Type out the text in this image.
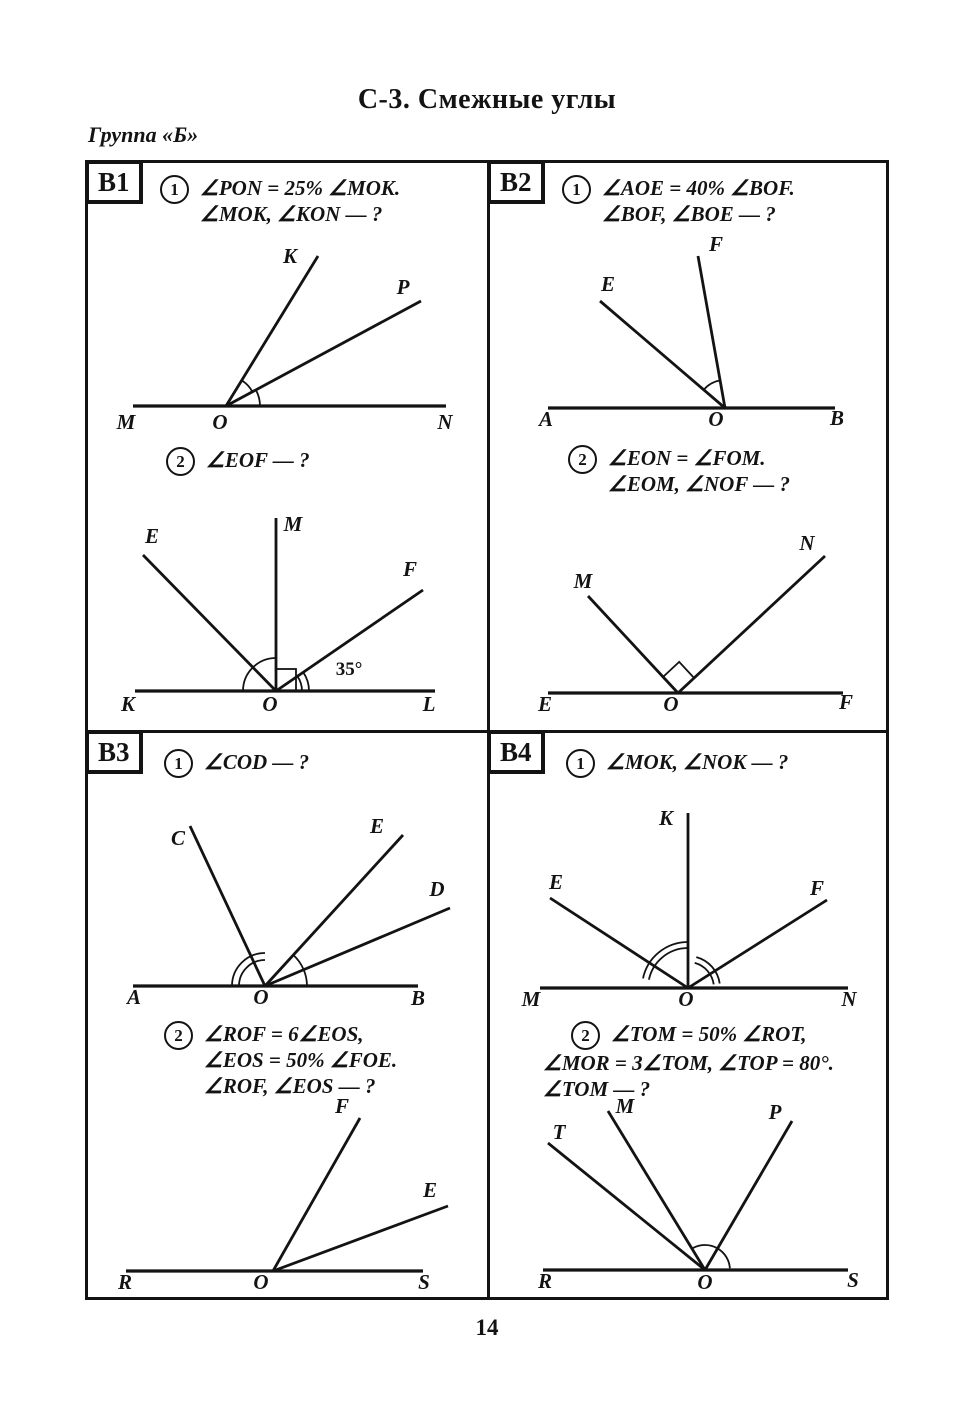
С-3. Смежные углы
Группа «Б»
В1	1	∠PON = 25% ∠MOK.
∠MOK, ∠KON — ?
2	∠EOF — ?
K
P
M	O	N
M
E
F
K	O	L
35°
В2	1	∠AOE = 40% ∠BOF.
∠BOF, ∠BOE — ?
2	∠EON = ∠FOM.
∠EOM, ∠NOF — ?
E
F
A	O	B
M
N
E	O	F
В3	1	∠COD — ?
2	∠ROF = 6∠EOS,
∠EOS = 50% ∠FOE.
∠ROF, ∠EOS — ?
C	E
D
A	O	B
F
E
R	O	S
В4	1	∠MOK, ∠NOK — ?
2	∠TOM = 50% ∠ROT,
∠MOR = 3∠TOM, ∠TOP = 80°.
∠TOM — ?
K
E	F
M	O	N
T
M	P
R	O	S
14
